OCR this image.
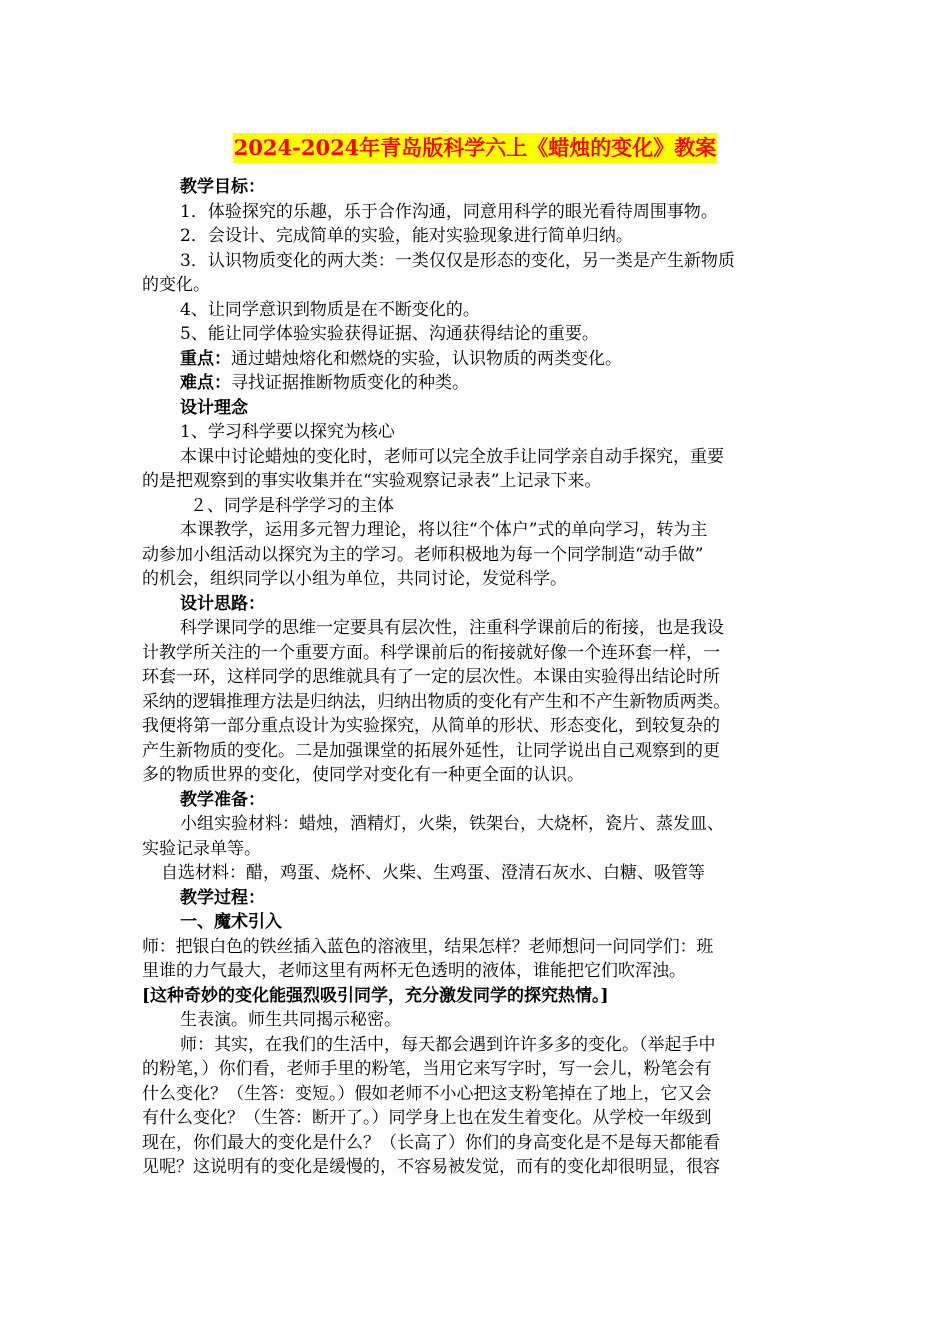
2024-2024年青岛版科学六上《蜡烛的变化》教案

教学目标：

1．体验探究的乐趣，乐于合作沟通，同意用科学的眼光看待周围事物。

2．会设计、完成简单的实验，能对实验现象进行简单归纳。

3．认识物质变化的两大类：一类仅仅是形态的变化，另一类是产生新物质

的变化。

4、让同学意识到物质是在不断变化的。

5、能让同学体验实验获得证据、沟通获得结论的重要。

重点：通过蜡烛熔化和燃烧的实验，认识物质的两类变化。

难点：寻找证据推断物质变化的种类。

设计理念

1、学习科学要以探究为核心

本课中讨论蜡烛的变化时，老师可以完全放手让同学亲自动手探究，重要

的是把观察到的事实收集并在“实验观察记录表”上记录下来。

２、同学是科学学习的主体

本课教学，运用多元智力理论，将以往“个体户”式的单向学习，转为主

动参加小组活动以探究为主的学习。老师积极地为每一个同学制造“动手做”

的机会，组织同学以小组为单位，共同讨论，发觉科学。

设计思路：

科学课同学的思维一定要具有层次性，注重科学课前后的衔接，也是我设

计教学所关注的一个重要方面。科学课前后的衔接就好像一个连环套一样，一

环套一环，这样同学的思维就具有了一定的层次性。本课由实验得出结论时所

采纳的逻辑推理方法是归纳法，归纳出物质的变化有产生和不产生新物质两类。

我便将第一部分重点设计为实验探究，从简单的形状、形态变化，到较复杂的

产生新物质的变化。二是加强课堂的拓展外延性，让同学说出自己观察到的更

多的物质世界的变化，使同学对变化有一种更全面的认识。

教学准备：

小组实验材料：蜡烛，酒精灯，火柴，铁架台，大烧杯，瓷片、蒸发皿、

实验记录单等。

自选材料：醋，鸡蛋、烧杯、火柴、生鸡蛋、澄清石灰水、白糖、吸管等

教学过程：

一、魔术引入

师：把银白色的铁丝插入蓝色的溶液里，结果怎样？老师想问一问同学们：班

里谁的力气最大，老师这里有两杯无色透明的液体，谁能把它们吹浑浊。

[这种奇妙的变化能强烈吸引同学，充分激发同学的探究热情。]

生表演。师生共同揭示秘密。

师：其实，在我们的生活中，每天都会遇到许许多多的变化。（举起手中

的粉笔，）你们看，老师手里的粉笔，当用它来写字时，写一会儿，粉笔会有

什么变化？（生答：变短。）假如老师不小心把这支粉笔掉在了地上，它又会

有什么变化？（生答：断开了。）同学身上也在发生着变化。从学校一年级到

现在，你们最大的变化是什么？（长高了）你们的身高变化是不是每天都能看

见呢？这说明有的变化是缓慢的，不容易被发觉，而有的变化却很明显，很容
